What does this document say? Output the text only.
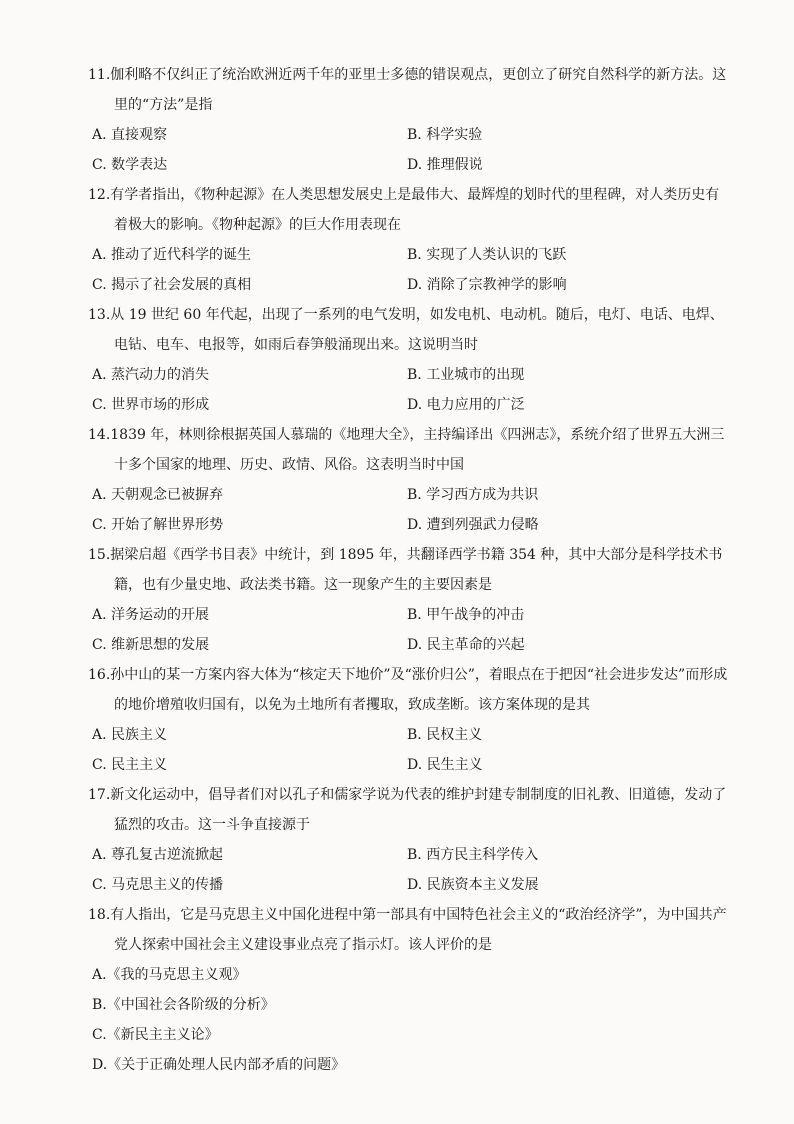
11.伽利略不仅纠正了统治欧洲近两千年的亚里士多德的错误观点，更创立了研究自然科学的新方法。这里的“方法”是指

A. 直接观察	B. 科学实验
C. 数学表达	D. 推理假说

12.有学者指出，《物种起源》在人类思想发展史上是最伟大、最辉煌的划时代的里程碑，对人类历史有着极大的影响。《物种起源》的巨大作用表现在

A. 推动了近代科学的诞生	B. 实现了人类认识的飞跃
C. 揭示了社会发展的真相	D. 消除了宗教神学的影响

13.从 19 世纪 60 年代起，出现了一系列的电气发明，如发电机、电动机。随后，电灯、电话、电焊、电钻、电车、电报等，如雨后春笋般涌现出来。这说明当时

A. 蒸汽动力的消失	B. 工业城市的出现
C. 世界市场的形成	D. 电力应用的广泛

14.1839 年，林则徐根据英国人慕瑞的《地理大全》，主持编译出《四洲志》，系统介绍了世界五大洲三十多个国家的地理、历史、政情、风俗。这表明当时中国

A. 天朝观念已被摒弃	B. 学习西方成为共识
C. 开始了解世界形势	D. 遭到列强武力侵略

15.据梁启超《西学书目表》中统计，到 1895 年，共翻译西学书籍 354 种，其中大部分是科学技术书籍，也有少量史地、政法类书籍。这一现象产生的主要因素是

A. 洋务运动的开展	B. 甲午战争的冲击
C. 维新思想的发展	D. 民主革命的兴起

16.孙中山的某一方案内容大体为“核定天下地价”及“涨价归公”，着眼点在于把因“社会进步发达”而形成的地价增殖收归国有，以免为土地所有者攫取，致成垄断。该方案体现的是其

A. 民族主义	B. 民权主义
C. 民主主义	D. 民生主义

17.新文化运动中，倡导者们对以孔子和儒家学说为代表的维护封建专制制度的旧礼教、旧道德，发动了猛烈的攻击。这一斗争直接源于

A. 尊孔复古逆流掀起	B. 西方民主科学传入
C. 马克思主义的传播	D. 民族资本主义发展

18.有人指出，它是马克思主义中国化进程中第一部具有中国特色社会主义的“政治经济学”，为中国共产党人探索中国社会主义建设事业点亮了指示灯。该人评价的是

A.《我的马克思主义观》
B.《中国社会各阶级的分析》
C.《新民主主义论》
D.《关于正确处理人民内部矛盾的问题》
